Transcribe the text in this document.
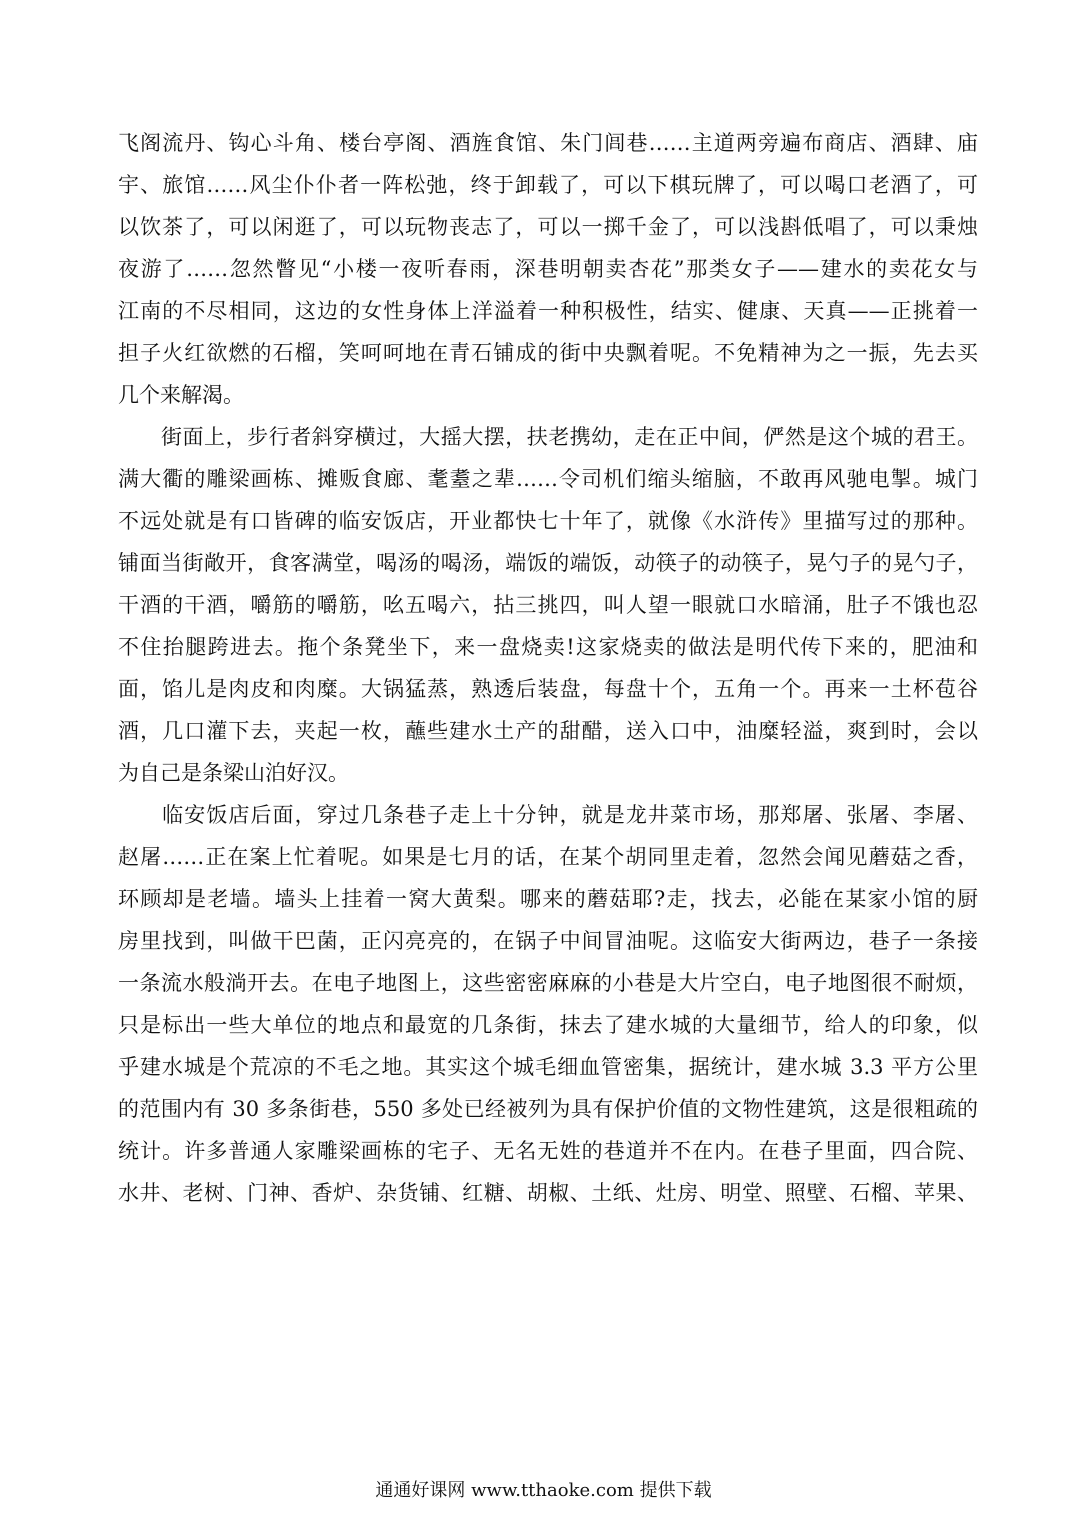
飞阁流丹、钩心斗角、楼台亭阁、酒旌食馆、朱门闾巷……主道两旁遍布商店、酒肆、庙
宇、旅馆……风尘仆仆者一阵松弛，终于卸载了，可以下棋玩牌了，可以喝口老酒了，可
以饮茶了，可以闲逛了，可以玩物丧志了，可以一掷千金了，可以浅斟低唱了，可以秉烛
夜游了……忽然瞥见“小楼一夜听春雨，深巷明朝卖杏花”那类女子——建水的卖花女与
江南的不尽相同，这边的女性身体上洋溢着一种积极性，结实、健康、天真——正挑着一
担子火红欲燃的石榴，笑呵呵地在青石铺成的街中央飘着呢。不免精神为之一振，先去买
几个来解渴。
　　街面上，步行者斜穿横过，大摇大摆，扶老携幼，走在正中间，俨然是这个城的君王。
满大衢的雕梁画栋、摊贩食廊、耄耋之辈……令司机们缩头缩脑，不敢再风驰电掣。城门
不远处就是有口皆碑的临安饭店，开业都快七十年了，就像《水浒传》里描写过的那种。
铺面当街敞开，食客满堂，喝汤的喝汤，端饭的端饭，动筷子的动筷子，晃勺子的晃勺子，
干酒的干酒，嚼筋的嚼筋，吆五喝六，拈三挑四，叫人望一眼就口水暗涌，肚子不饿也忍
不住抬腿跨进去。拖个条凳坐下，来一盘烧卖!这家烧卖的做法是明代传下来的，肥油和
面，馅儿是肉皮和肉糜。大锅猛蒸，熟透后装盘，每盘十个，五角一个。再来一土杯苞谷
酒，几口灌下去，夹起一枚，蘸些建水土产的甜醋，送入口中，油糜轻溢，爽到时，会以
为自己是条梁山泊好汉。
　　临安饭店后面，穿过几条巷子走上十分钟，就是龙井菜市场，那郑屠、张屠、李屠、
赵屠……正在案上忙着呢。如果是七月的话，在某个胡同里走着，忽然会闻见蘑菇之香，
环顾却是老墙。墙头上挂着一窝大黄梨。哪来的蘑菇耶?走，找去，必能在某家小馆的厨
房里找到，叫做干巴菌，正闪亮亮的，在锅子中间冒油呢。这临安大街两边，巷子一条接
一条流水般淌开去。在电子地图上，这些密密麻麻的小巷是大片空白，电子地图很不耐烦，
只是标出一些大单位的地点和最宽的几条街，抹去了建水城的大量细节，给人的印象，似
乎建水城是个荒凉的不毛之地。其实这个城毛细血管密集，据统计，建水城 3.3 平方公里
的范围内有 30 多条街巷，550 多处已经被列为具有保护价值的文物性建筑，这是很粗疏的
统计。许多普通人家雕梁画栋的宅子、无名无姓的巷道并不在内。在巷子里面，四合院、
水井、老树、门神、香炉、杂货铺、红糖、胡椒、土纸、灶房、明堂、照壁、石榴、苹果、
通通好课网 www.tthaoke.com 提供下载
